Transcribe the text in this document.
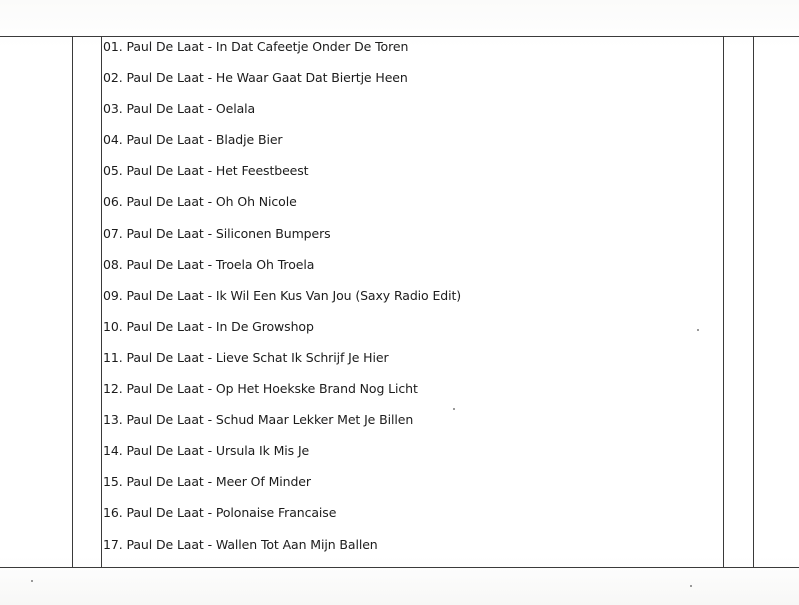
01. Paul De Laat - In Dat Cafeetje Onder De Toren
02. Paul De Laat - He Waar Gaat Dat Biertje Heen
03. Paul De Laat - Oelala
04. Paul De Laat - Bladje Bier
05. Paul De Laat - Het Feestbeest
06. Paul De Laat - Oh Oh Nicole
07. Paul De Laat - Siliconen Bumpers
08. Paul De Laat - Troela Oh Troela
09. Paul De Laat - Ik Wil Een Kus Van Jou (Saxy Radio Edit)
10. Paul De Laat - In De Growshop
11. Paul De Laat - Lieve Schat Ik Schrijf Je Hier
12. Paul De Laat - Op Het Hoekske Brand Nog Licht
13. Paul De Laat - Schud Maar Lekker Met Je Billen
14. Paul De Laat - Ursula Ik Mis Je
15. Paul De Laat - Meer Of Minder
16. Paul De Laat - Polonaise Francaise
17. Paul De Laat - Wallen Tot Aan Mijn Ballen
